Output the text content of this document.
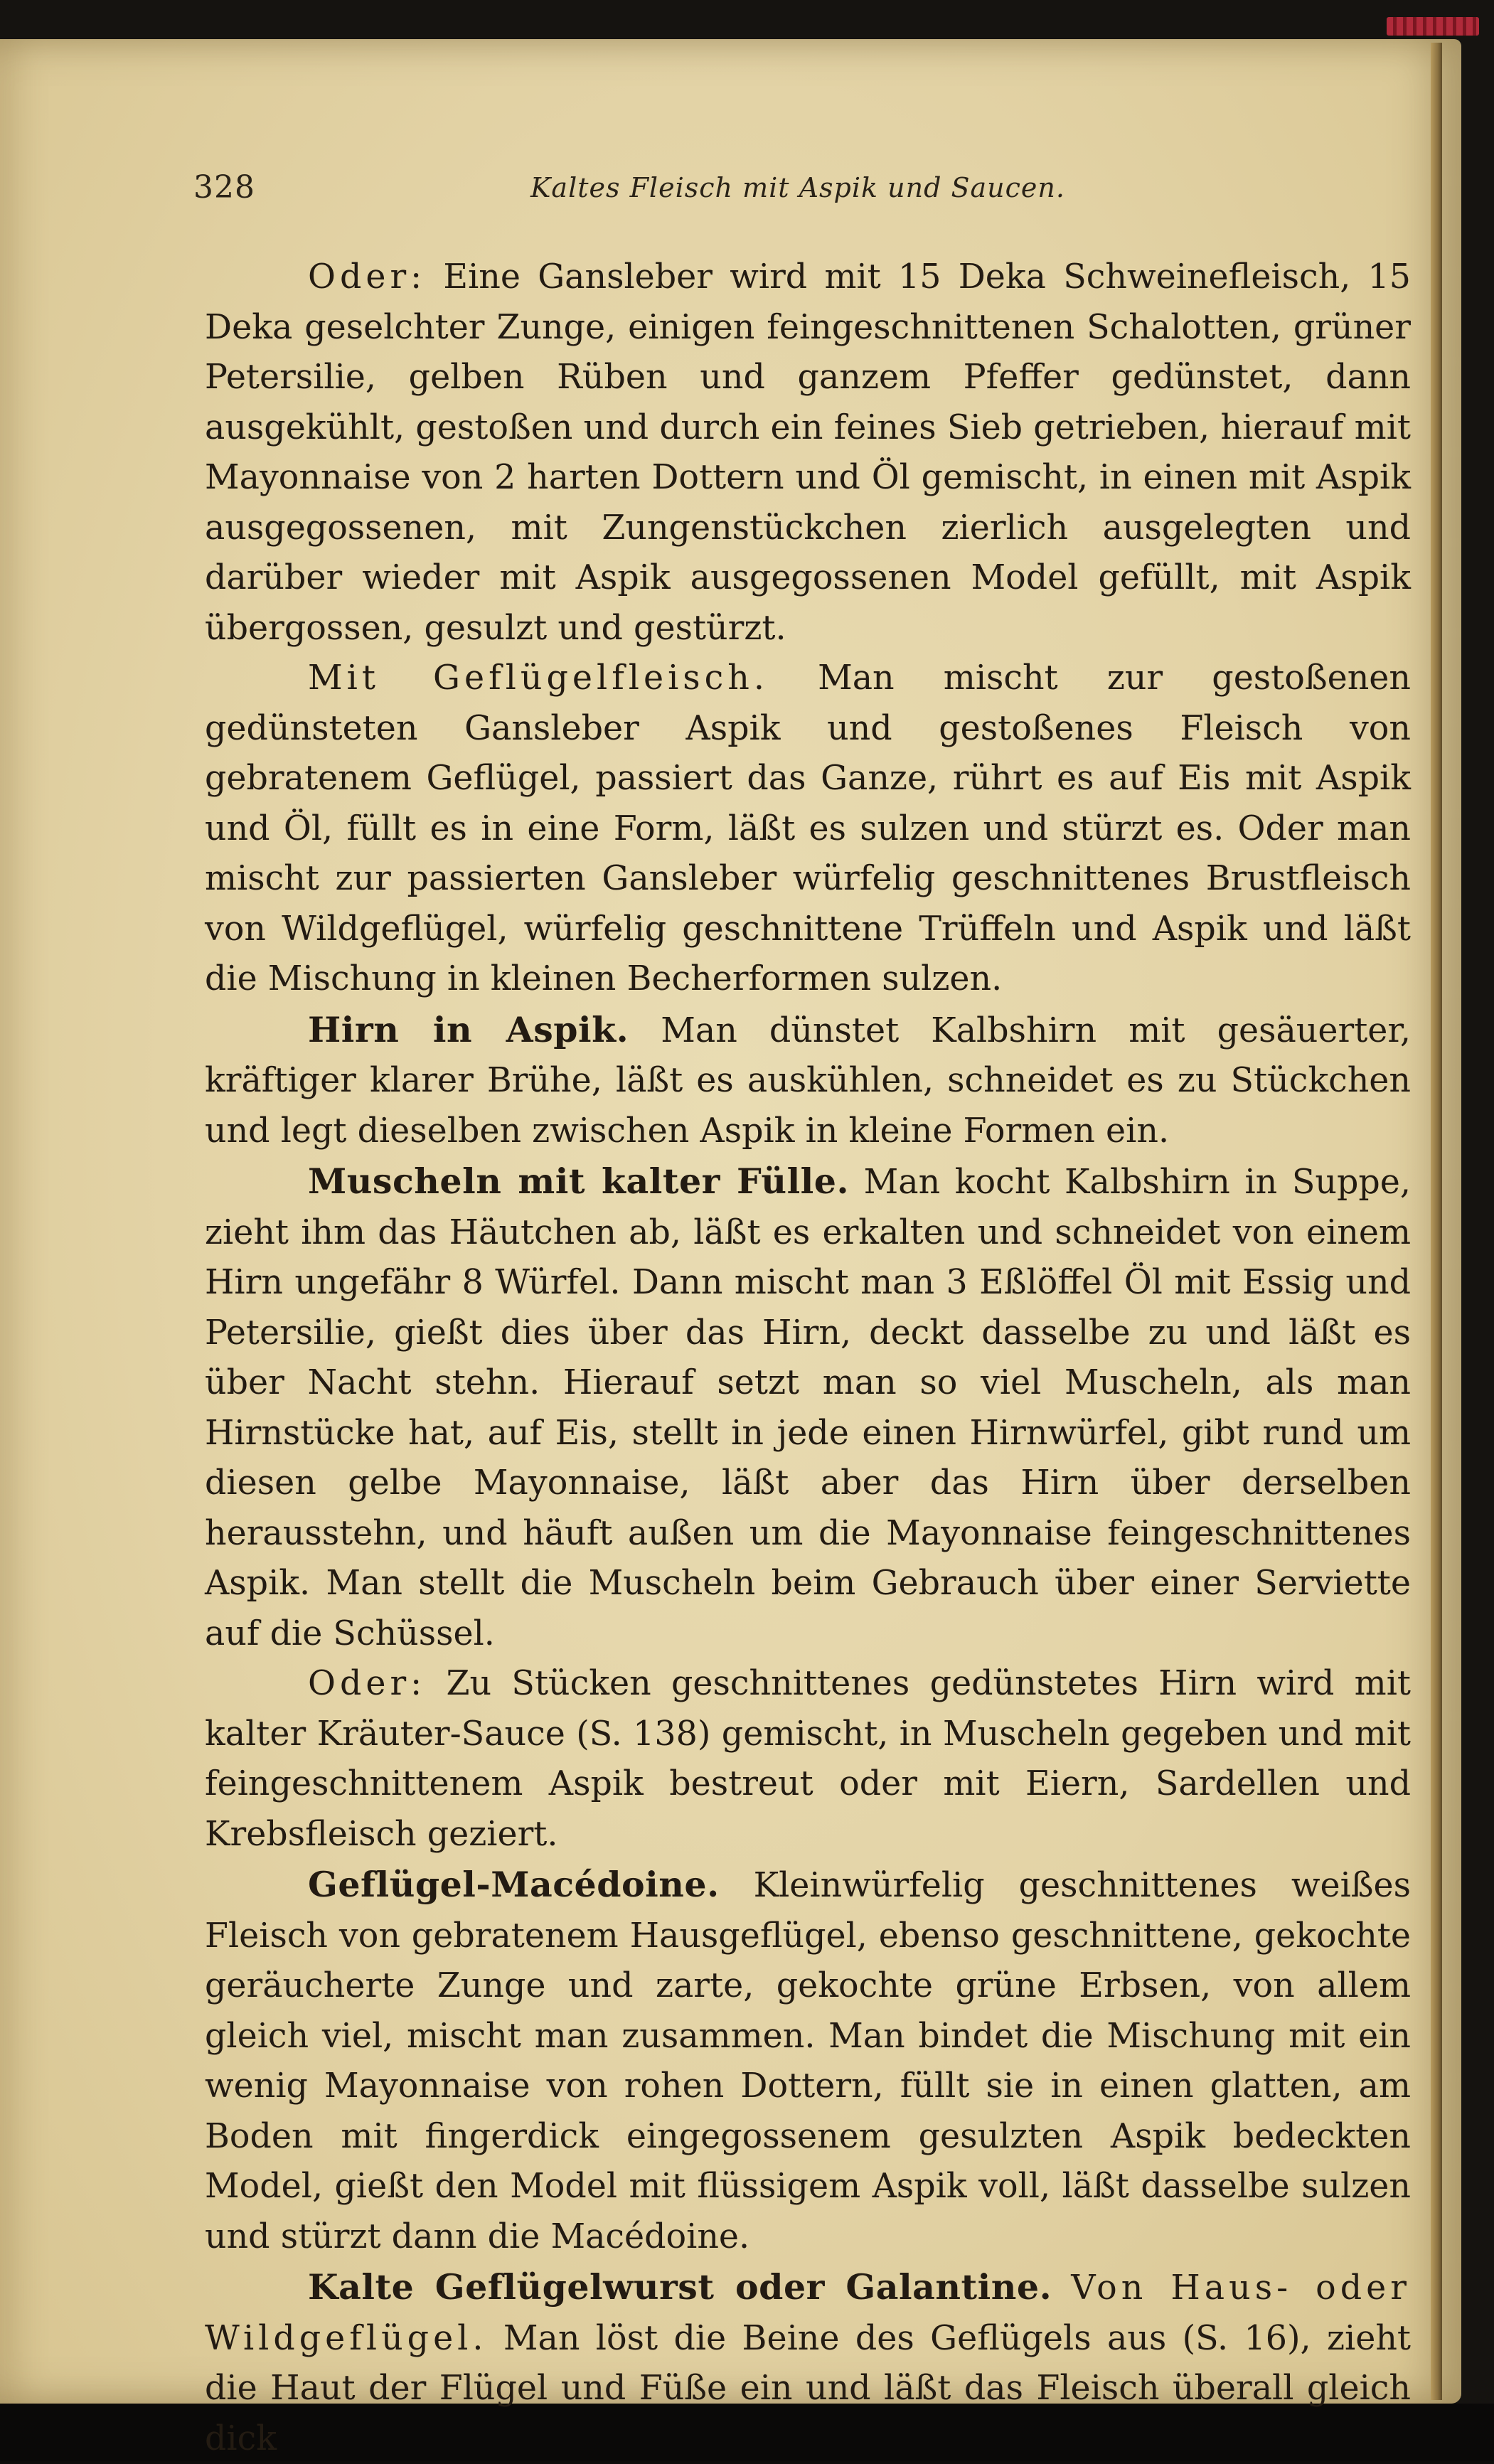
328	Kaltes Fleisch mit Aspik und Saucen.

Oder: Eine Gansleber wird mit 15 Deka Schweinefleisch, 15 Deka geselchter Zunge, einigen feingeschnittenen Schalotten, grüner Petersilie, gelben Rüben und ganzem Pfeffer gedünstet, dann ausgekühlt, gestoßen und durch ein feines Sieb getrieben, hierauf mit Mayonnaise von 2 harten Dottern und Öl gemischt, in einen mit Aspik ausgegossenen, mit Zungenstückchen zierlich ausgelegten und darüber wieder mit Aspik ausgegossenen Model gefüllt, mit Aspik übergossen, gesulzt und gestürzt.

Mit Geflügelfleisch. Man mischt zur gestoßenen gedünsteten Gansleber Aspik und gestoßenes Fleisch von gebratenem Geflügel, passiert das Ganze, rührt es auf Eis mit Aspik und Öl, füllt es in eine Form, läßt es sulzen und stürzt es. Oder man mischt zur passierten Gansleber würfelig geschnittenes Brustfleisch von Wildgeflügel, würfelig geschnittene Trüffeln und Aspik und läßt die Mischung in kleinen Becherformen sulzen.

Hirn in Aspik. Man dünstet Kalbshirn mit gesäuerter, kräftiger klarer Brühe, läßt es auskühlen, schneidet es zu Stückchen und legt dieselben zwischen Aspik in kleine Formen ein.

Muscheln mit kalter Fülle. Man kocht Kalbshirn in Suppe, zieht ihm das Häutchen ab, läßt es erkalten und schneidet von einem Hirn ungefähr 8 Würfel. Dann mischt man 3 Eßlöffel Öl mit Essig und Petersilie, gießt dies über das Hirn, deckt dasselbe zu und läßt es über Nacht stehn. Hierauf setzt man so viel Muscheln, als man Hirnstücke hat, auf Eis, stellt in jede einen Hirnwürfel, gibt rund um diesen gelbe Mayonnaise, läßt aber das Hirn über derselben herausstehn, und häuft außen um die Mayonnaise feingeschnittenes Aspik. Man stellt die Muscheln beim Gebrauch über einer Serviette auf die Schüssel.

Oder: Zu Stücken geschnittenes gedünstetes Hirn wird mit kalter Kräuter-Sauce (S. 138) gemischt, in Muscheln gegeben und mit feingeschnittenem Aspik bestreut oder mit Eiern, Sardellen und Krebsfleisch geziert.

Geflügel-Macédoine. Kleinwürfelig geschnittenes weißes Fleisch von gebratenem Hausgeflügel, ebenso geschnittene, gekochte geräucherte Zunge und zarte, gekochte grüne Erbsen, von allem gleich viel, mischt man zusammen. Man bindet die Mischung mit ein wenig Mayonnaise von rohen Dottern, füllt sie in einen glatten, am Boden mit fingerdick eingegossenem gesulzten Aspik bedeckten Model, gießt den Model mit flüssigem Aspik voll, läßt dasselbe sulzen und stürzt dann die Macédoine.

Kalte Geflügelwurst oder Galantine. Von Haus- oder Wildgeflügel. Man löst die Beine des Geflügels aus (S. 16), zieht die Haut der Flügel und Füße ein und läßt das Fleisch überall gleich dick
